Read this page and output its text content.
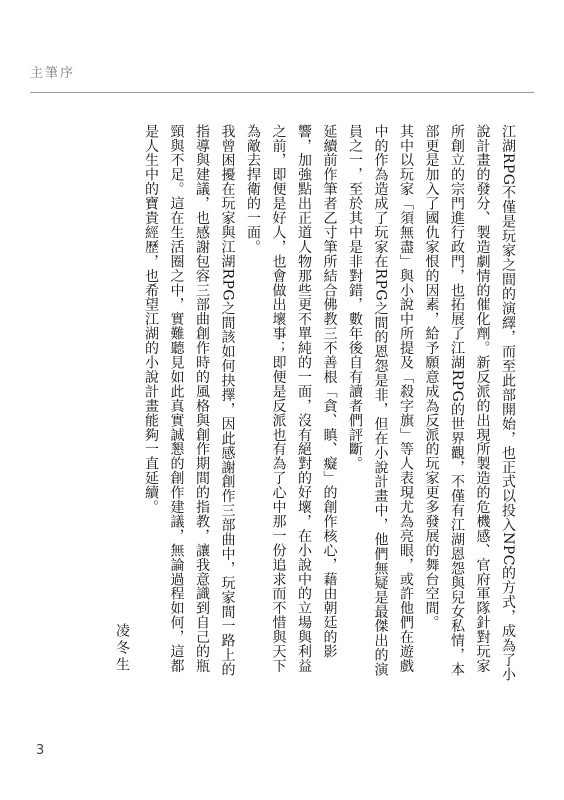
主筆序

江湖RPG不僅是玩家之間的演繹，而至此部開始，也正式以投入NPC的方式，成為了小說計畫的發分、製造劇情的催化劑。新反派的出現所製造的危機感、官府軍隊針對玩家所創立的宗門進行政門，也拓展了江湖RPG的世界觀，不僅有江湖恩怨與兒女私情，本部更是加入了國仇家恨的因素，給予願意成為反派的玩家更多發展的舞台空間。

其中以玩家「須無盡」與小說中所提及「殺字旗」等人表現尤為亮眼，或許他們在遊戲中的作為造成了玩家在RPG之間的恩怨是非，但在小說計畫中，他們無疑是最傑出的演員之一，至於其中是非對錯，數年後自有讀者們評斷。

延續前作筆者乙寸筆所結合佛教三不善根「貪、瞋、癡」的創作核心，藉由朝廷的影響，加強點出正道人物那些更不單純的一面，沒有絕對的好壞，在小說中的立場與利益之前，即便是好人，也會做出壞事；即便是反派也有為了心中那一份追求而不惜與天下為敵去捍衛的一面。

我曾困擾在玩家與江湖RPG之間該如何抉擇，因此感謝創作三部曲中，玩家間一路上的指導與建議，也感謝包容三部曲創作時的風格與創作期間的指教，讓我意識到自己的瓶頸與不足。這在生活圈之中，實難聽見如此真實誠懇的創作建議，無論過程如何，這都是人生中的寶貴經歷，也希望江湖的小說計畫能夠一直延續。

凌冬生
3
